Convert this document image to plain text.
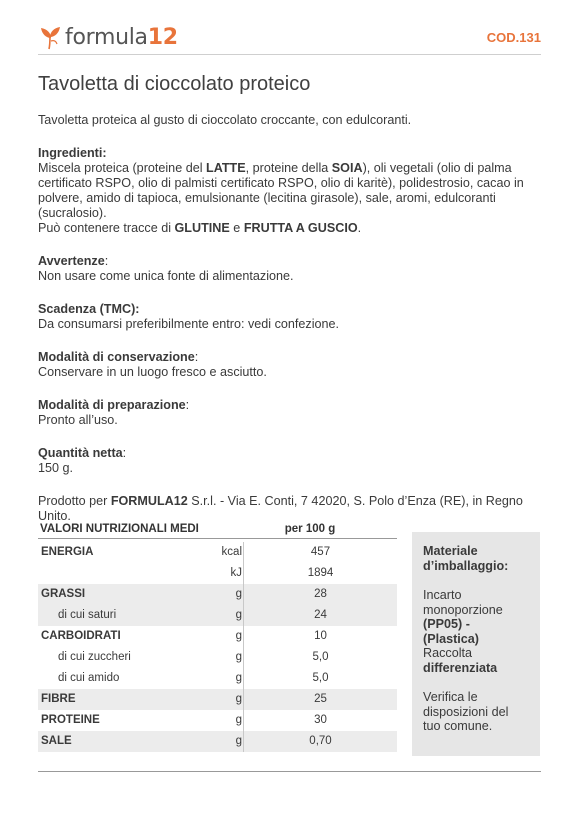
formula12	COD.131
Tavoletta di cioccolato proteico

Tavoletta proteica al gusto di cioccolato croccante, con edulcoranti.

Ingredienti:

Miscela proteica (proteine del LATTE, proteine della SOIA), oli vegetali (olio di palma certificato RSPO, olio di palmisti certificato RSPO, olio di karitè), polidestrosio, cacao in polvere, amido di tapioca, emulsionante (lecitina girasole), sale, aromi, edulcoranti (sucralosio).

Può contenere tracce di GLUTINE e FRUTTA A GUSCIO.

Avvertenze:

Non usare come unica fonte di alimentazione.

Scadenza (TMC):

Da consumarsi preferibilmente entro: vedi confezione.

Modalità di conservazione:

Conservare in un luogo fresco e asciutto.

Modalità di preparazione:

Pronto all’uso.

Quantità netta:

150 g.

Prodotto per FORMULA12 S.r.l. - Via E. Conti, 7 42020, S. Polo d’Enza (RE), in Regno Unito.

VALORI NUTRIZIONALI MEDI	per 100 g
ENERGIA	kcal	457
kJ	1894
GRASSI	g	28
di cui saturi	g	24
CARBOIDRATI	g	10
di cui zuccheri	g	5,0
di cui amido	g	5,0
FIBRE	g	25
PROTEINE	g	30
SALE	g	0,70

Materiale d’imballaggio:

Incarto monoporzione

(PP05) - (Plastica)

Raccolta

differenziata

Verifica le disposizioni del tuo comune.
